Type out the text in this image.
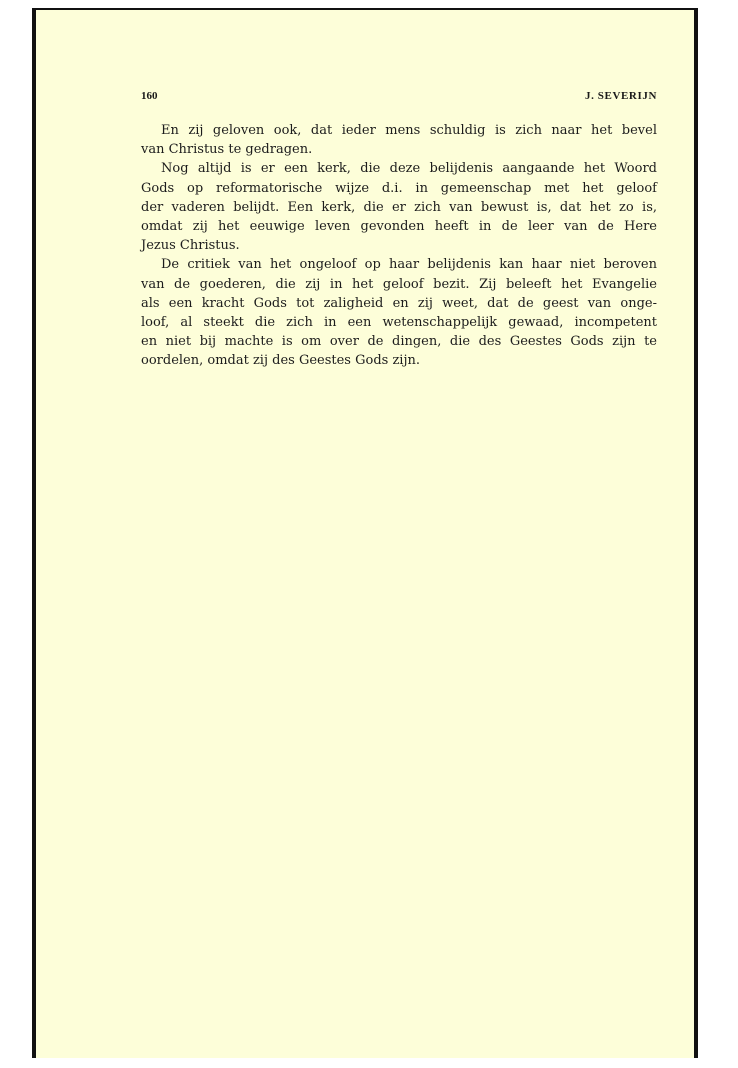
160	J. SEVERIJN
En zij geloven ook, dat ieder mens schuldig is zich naar het bevel
van Christus te gedragen.
Nog altijd is er een kerk, die deze belijdenis aangaande het Woord
Gods op reformatorische wijze d.i. in gemeenschap met het geloof
der vaderen belijdt. Een kerk, die er zich van bewust is, dat het zo is,
omdat zij het eeuwige leven gevonden heeft in de leer van de Here
Jezus Christus.
De critiek van het ongeloof op haar belijdenis kan haar niet beroven
van de goederen, die zij in het geloof bezit. Zij beleeft het Evangelie
als een kracht Gods tot zaligheid en zij weet, dat de geest van onge-
loof, al steekt die zich in een wetenschappelijk gewaad, incompetent
en niet bij machte is om over de dingen, die des Geestes Gods zijn te
oordelen, omdat zij des Geestes Gods zijn.
